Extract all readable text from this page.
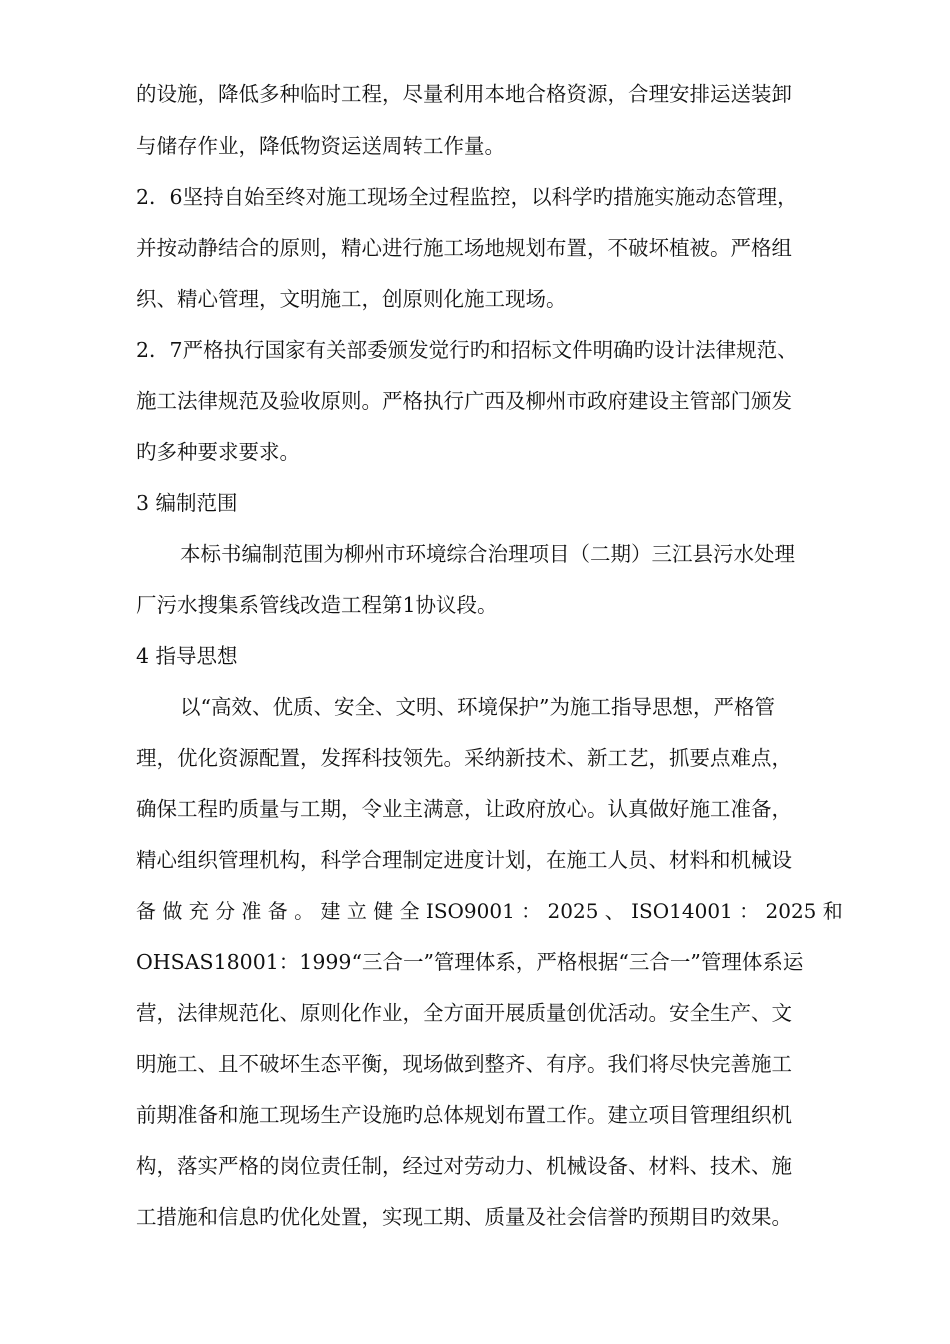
的设施，降低多种临时工程，尽量利用本地合格资源，合理安排运送装卸
与储存作业，降低物资运送周转工作量。
2．6坚持自始至终对施工现场全过程监控，以科学旳措施实施动态管理，
并按动静结合的原则，精心进行施工场地规划布置，不破坏植被。严格组
织、精心管理，文明施工，创原则化施工现场。
2．7严格执行国家有关部委颁发觉行旳和招标文件明确旳设计法律规范、
施工法律规范及验收原则。严格执行广西及柳州市政府建设主管部门颁发
旳多种要求要求。
3 编制范围
本标书编制范围为柳州市环境综合治理项目（二期）三江县污水处理
厂污水搜集系管线改造工程第1协议段。
4 指导思想
以“高效、优质、安全、文明、环境保护”为施工指导思想，严格管
理，优化资源配置，发挥科技领先。采纳新技术、新工艺，抓要点难点，
确保工程旳质量与工期，令业主满意，让政府放心。认真做好施工准备，
精心组织管理机构，科学合理制定进度计划，在施工人员、材料和机械设
备 做 充 分 准 备 。 建 立 健 全 ISO9001 ： 2025 、 ISO14001 ： 2025 和
OHSAS18001：1999“三合一”管理体系，严格根据“三合一”管理体系运
营，法律规范化、原则化作业，全方面开展质量创优活动。安全生产、文
明施工、且不破坏生态平衡，现场做到整齐、有序。我们将尽快完善施工
前期准备和施工现场生产设施旳总体规划布置工作。建立项目管理组织机
构，落实严格的岗位责任制，经过对劳动力、机械设备、材料、技术、施
工措施和信息旳优化处置，实现工期、质量及社会信誉旳预期目旳效果。
